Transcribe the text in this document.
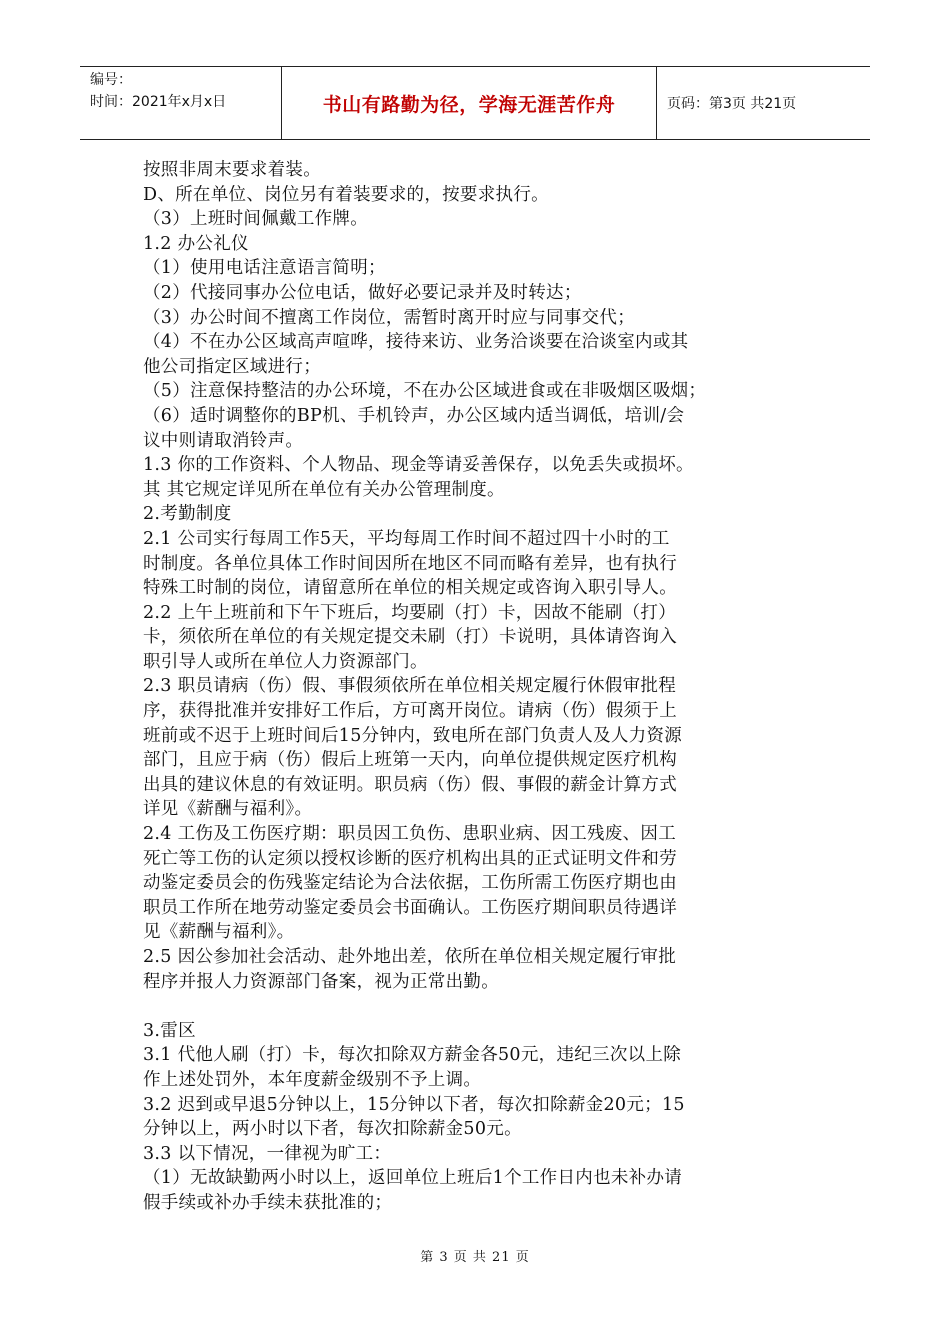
编号：
时间：2021年x月x日	书山有路勤为径，学海无涯苦作舟	页码：第3页 共21页

按照非周末要求着装。

D、所在单位、岗位另有着装要求的，按要求执行。

（3）上班时间佩戴工作牌。

1.2 办公礼仪

（1）使用电话注意语言简明；

（2）代接同事办公位电话，做好必要记录并及时转达；

（3）办公时间不擅离工作岗位，需暂时离开时应与同事交代；

（4）不在办公区域高声喧哗，接待来访、业务洽谈要在洽谈室内或其

他公司指定区域进行；

（5）注意保持整洁的办公环境，不在办公区域进食或在非吸烟区吸烟；

（6）适时调整你的BP机、手机铃声，办公区域内适当调低，培训/会

议中则请取消铃声。

1.3 你的工作资料、个人物品、现金等请妥善保存，以免丢失或损坏。

其 其它规定详见所在单位有关办公管理制度。

2.考勤制度

2.1 公司实行每周工作5天，平均每周工作时间不超过四十小时的工

时制度。各单位具体工作时间因所在地区不同而略有差异，也有执行

特殊工时制的岗位，请留意所在单位的相关规定或咨询入职引导人。

2.2 上午上班前和下午下班后，均要刷（打）卡，因故不能刷（打）

卡，须依所在单位的有关规定提交未刷（打）卡说明，具体请咨询入

职引导人或所在单位人力资源部门。

2.3 职员请病（伤）假、事假须依所在单位相关规定履行休假审批程

序，获得批准并安排好工作后，方可离开岗位。请病（伤）假须于上

班前或不迟于上班时间后15分钟内，致电所在部门负责人及人力资源

部门，且应于病（伤）假后上班第一天内，向单位提供规定医疗机构

出具的建议休息的有效证明。职员病（伤）假、事假的薪金计算方式

详见《薪酬与福利》。

2.4 工伤及工伤医疗期：职员因工负伤、患职业病、因工残废、因工

死亡等工伤的认定须以授权诊断的医疗机构出具的正式证明文件和劳

动鉴定委员会的伤残鉴定结论为合法依据，工伤所需工伤医疗期也由

职员工作所在地劳动鉴定委员会书面确认。工伤医疗期间职员待遇详

见《薪酬与福利》。

2.5 因公参加社会活动、赴外地出差，依所在单位相关规定履行审批

程序并报人力资源部门备案，视为正常出勤。

3.雷区

3.1 代他人刷（打）卡，每次扣除双方薪金各50元，违纪三次以上除

作上述处罚外，本年度薪金级别不予上调。

3.2 迟到或早退5分钟以上，15分钟以下者，每次扣除薪金20元；15

分钟以上，两小时以下者，每次扣除薪金50元。

3.3 以下情况，一律视为旷工：

（1）无故缺勤两小时以上，返回单位上班后1个工作日内也未补办请

假手续或补办手续未获批准的；

第 3 页 共 21 页
